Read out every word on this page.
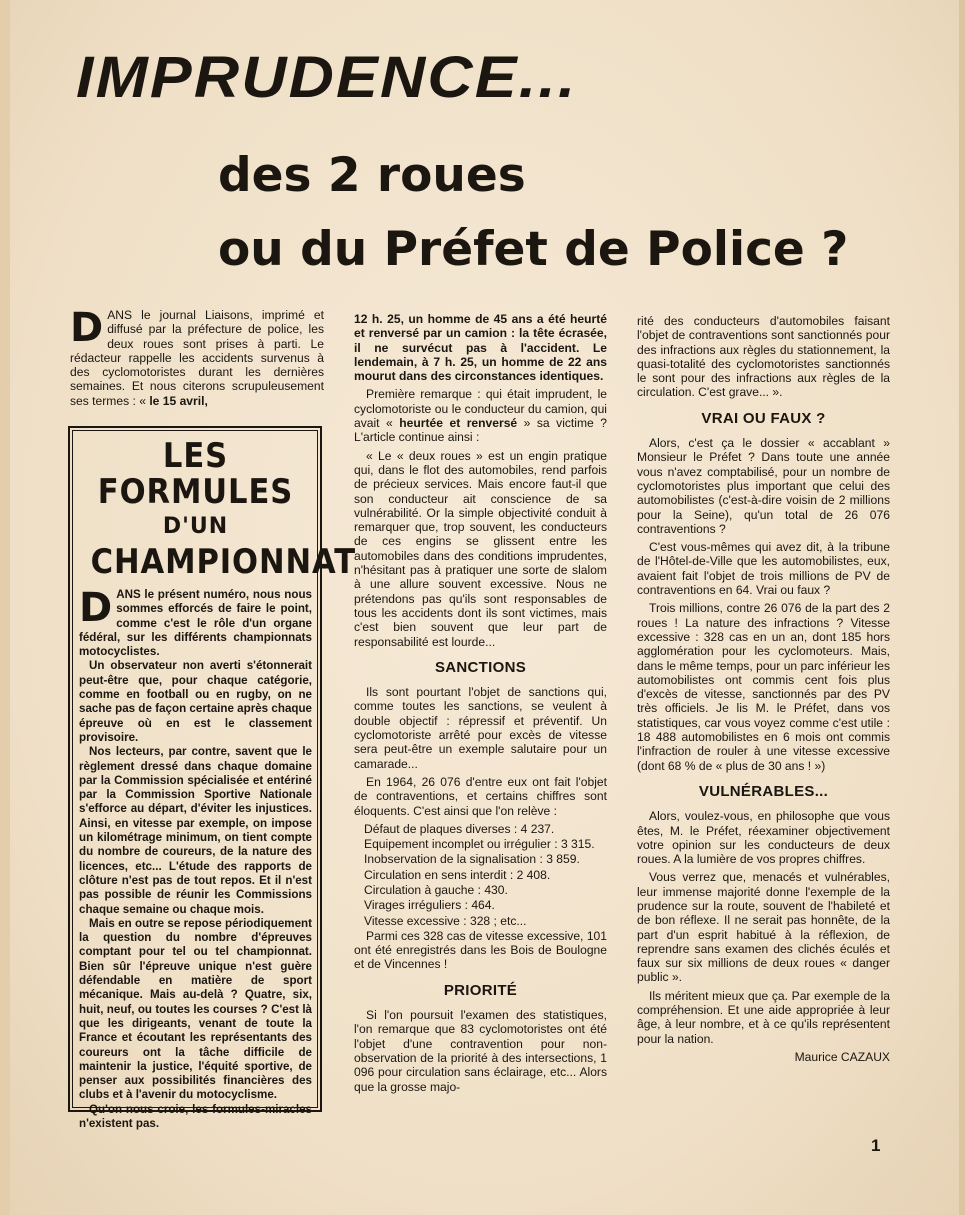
IMPRUDENCE...
des 2 roues
ou du Préfet de Police ?

DANS le journal Liaisons, imprimé et diffusé par la préfecture de police, les deux roues sont prises à parti. Le rédacteur rappelle les accidents survenus à des cyclomotoristes durant les dernières semaines. Et nous citerons scrupuleusement ses termes : « le 15 avril,

LES FORMULES
D'UN
CHAMPIONNAT

DANS le présent numéro, nous nous sommes efforcés de faire le point, comme c'est le rôle d'un organe fédéral, sur les différents championnats motocyclistes.

Un observateur non averti s'étonnerait peut-être que, pour chaque catégorie, comme en football ou en rugby, on ne sache pas de façon certaine après chaque épreuve où en est le classement provisoire.

Nos lecteurs, par contre, savent que le règlement dressé dans chaque domaine par la Commission spécialisée et entériné par la Commission Sportive Nationale s'efforce au départ, d'éviter les injustices. Ainsi, en vitesse par exemple, on impose un kilométrage minimum, on tient compte du nombre de coureurs, de la nature des licences, etc... L'étude des rapports de clôture n'est pas de tout repos. Et il n'est pas possible de réunir les Commissions chaque semaine ou chaque mois.

Mais en outre se repose périodiquement la question du nombre d'épreuves comptant pour tel ou tel championnat. Bien sûr l'épreuve unique n'est guère défendable en matière de sport mécanique. Mais au-delà ? Quatre, six, huit, neuf, ou toutes les courses ? C'est là que les dirigeants, venant de toute la France et écoutant les représentants des coureurs ont la tâche difficile de maintenir la justice, l'équité sportive, de penser aux possibilités financières des clubs et à l'avenir du motocyclisme.

Qu'on nous croie, les formules-miracles n'existent pas.

12 h. 25, un homme de 45 ans a été heurté et renversé par un camion : la tête écrasée, il ne survécut pas à l'accident. Le lendemain, à 7 h. 25, un homme de 22 ans mourut dans des circonstances identiques.

Première remarque : qui était imprudent, le cyclomotoriste ou le conducteur du camion, qui avait « heurtée et renversé » sa victime ? L'article continue ainsi :

« Le « deux roues » est un engin pratique qui, dans le flot des automobiles, rend parfois de précieux services. Mais encore faut-il que son conducteur ait conscience de sa vulnérabilité. Or la simple objectivité conduit à remarquer que, trop souvent, les conducteurs de ces engins se glissent entre les automobiles dans des conditions imprudentes, n'hésitant pas à pratiquer une sorte de slalom à une allure souvent excessive. Nous ne prétendons pas qu'ils sont responsables de tous les accidents dont ils sont victimes, mais c'est bien souvent que leur part de responsabilité est lourde...

SANCTIONS

Ils sont pourtant l'objet de sanctions qui, comme toutes les sanctions, se veulent à double objectif : répressif et préventif. Un cyclomotoriste arrêté pour excès de vitesse sera peut-être un exemple salutaire pour un camarade...

En 1964, 26 076 d'entre eux ont fait l'objet de contraventions, et certains chiffres sont éloquents. C'est ainsi que l'on relève :

Défaut de plaques diverses : 4 237.

Equipement incomplet ou irrégulier : 3 315.

Inobservation de la signalisation : 3 859.

Circulation en sens interdit : 2 408.

Circulation à gauche : 430.

Virages irréguliers : 464.

Vitesse excessive : 328 ; etc...

Parmi ces 328 cas de vitesse excessive, 101 ont été enregistrés dans les Bois de Boulogne et de Vincennes !

PRIORITÉ

Si l'on poursuit l'examen des statistiques, l'on remarque que 83 cyclomotoristes ont été l'objet d'une contravention pour non-observation de la priorité à des intersections, 1 096 pour circulation sans éclairage, etc... Alors que la grosse majo-

rité des conducteurs d'automobiles faisant l'objet de contraventions sont sanctionnés pour des infractions aux règles du stationnement, la quasi-totalité des cyclomotoristes sanctionnés le sont pour des infractions aux règles de la circulation. C'est grave... ».

VRAI OU FAUX ?

Alors, c'est ça le dossier « accablant » Monsieur le Préfet ? Dans toute une année vous n'avez comptabilisé, pour un nombre de cyclomotoristes plus important que celui des automobilistes (c'est-à-dire voisin de 2 millions pour la Seine), qu'un total de 26 076 contraventions ?

C'est vous-mêmes qui avez dit, à la tribune de l'Hôtel-de-Ville que les automobilistes, eux, avaient fait l'objet de trois millions de PV de contraventions en 64. Vrai ou faux ?

Trois millions, contre 26 076 de la part des 2 roues ! La nature des infractions ? Vitesse excessive : 328 cas en un an, dont 185 hors agglomération pour les cyclomoteurs. Mais, dans le même temps, pour un parc inférieur les automobilistes ont commis cent fois plus d'excès de vitesse, sanctionnés par des PV très officiels. Je lis M. le Préfet, dans vos statistiques, car vous voyez comme c'est utile : 18 488 automobilistes en 6 mois ont commis l'infraction de rouler à une vitesse excessive (dont 68 % de « plus de 30 ans ! »)

VULNÉRABLES...

Alors, voulez-vous, en philosophe que vous êtes, M. le Préfet, réexaminer objectivement votre opinion sur les conducteurs de deux roues. A la lumière de vos propres chiffres.

Vous verrez que, menacés et vulnérables, leur immense majorité donne l'exemple de la prudence sur la route, souvent de l'habileté et de bon réflexe. Il ne serait pas honnête, de la part d'un esprit habitué à la réflexion, de reprendre sans examen des clichés éculés et faux sur six millions de deux roues « danger public ».

Ils méritent mieux que ça. Par exemple de la compréhension. Et une aide appropriée à leur âge, à leur nombre, et à ce qu'ils représentent pour la nation.

Maurice CAZAUX
1
